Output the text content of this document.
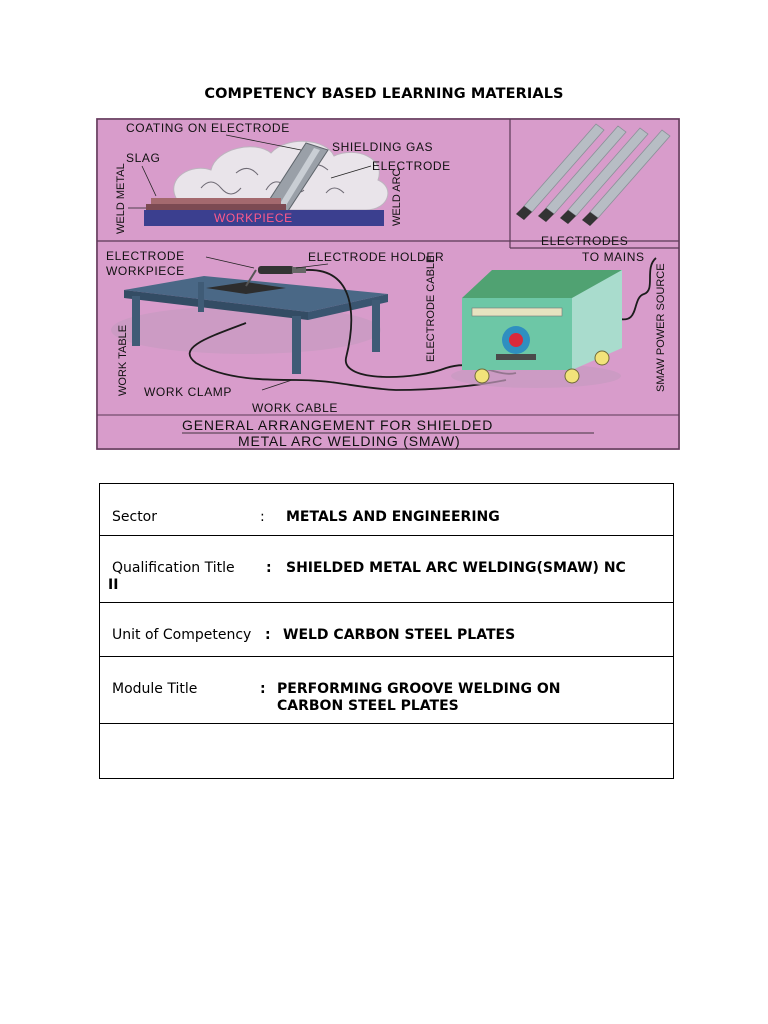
COMPETENCY BASED LEARNING MATERIALS
WORKPIECE
COATING ON ELECTRODE
SHIELDING GAS
ELECTRODE
SLAG
WELD METAL	WELD ARC
ELECTRODES
ELECTRODE
WORKPIECE
ELECTRODE HOLDER	TO MAINS
ELECTRODE CABLE	SMAW POWER SOURCE
WORK TABLE WORK CLAMP
WORK CABLE
GENERAL ARRANGEMENT FOR SHIELDED
METAL ARC WELDING (SMAW)
Sector	: METALS AND ENGINEERING

Qualification Title : SHIELDED METAL ARC WELDING(SMAW) NC
II

Unit of Competency : WELD CARBON STEEL PLATES

Module Title	: PERFORMING GROOVE WELDING ON
CARBON STEEL PLATES
